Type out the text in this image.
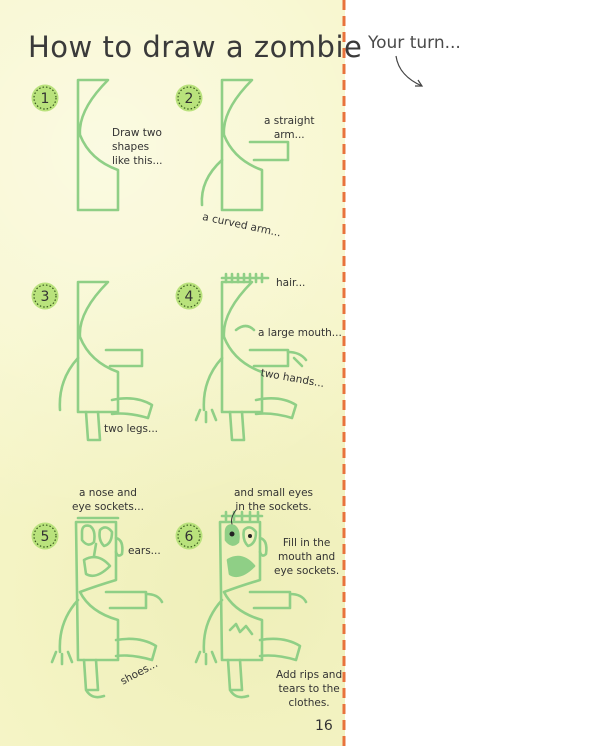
How to draw a zombie Your turn...
1	2
3	4
5	6
Draw two
shapes
like this...
a straight
arm...
a curved arm...
two legs...
hair...
a large mouth...
two hands...
a nose and
eye sockets...
ears...
shoes...
and small eyes
in the sockets.
Fill in the
mouth and
eye sockets.
Add rips and
tears to the
clothes.
16
